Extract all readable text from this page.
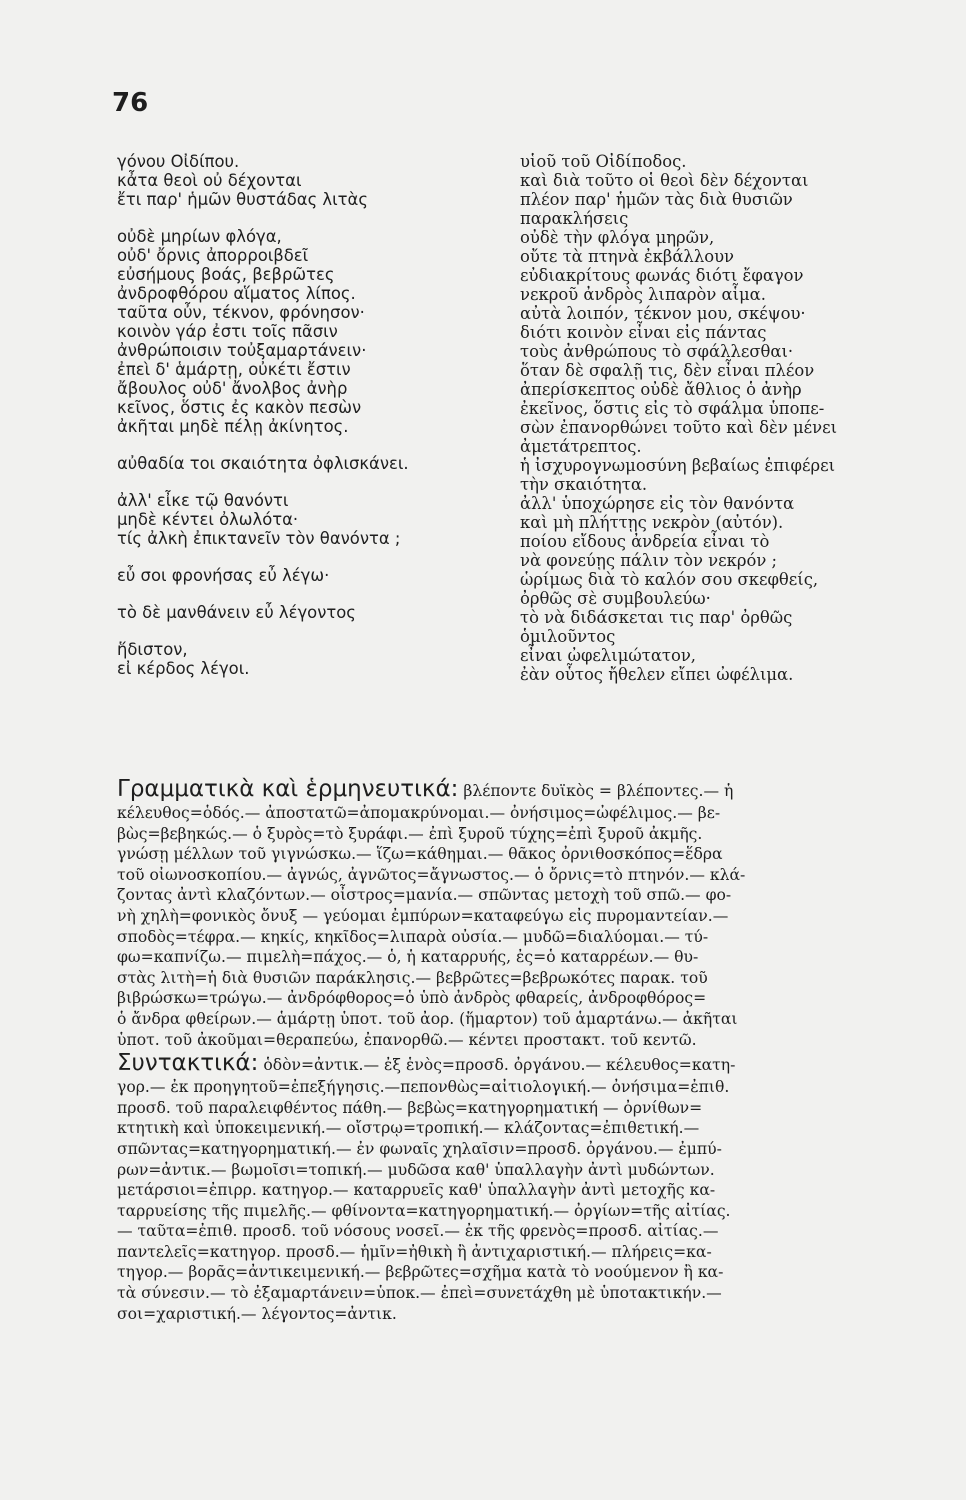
76
γόνου Οἰδίπου.
κἆτα θεοὶ οὐ δέχονται
ἔτι παρ' ἡμῶν θυστάδας λιτὰς
οὐδὲ μηρίων φλόγα,
οὐδ' ὄρνις ἀπορροιβδεῖ
εὐσήμους βοάς, βεβρῶτες
ἀνδροφθόρου αἵματος λίπος.
ταῦτα οὖν, τέκνον, φρόνησον·
κοινὸν γάρ ἐστι τοῖς πᾶσιν
ἀνθρώποισιν τοὐξαμαρτάνειν·
ἐπεὶ δ' ἁμάρτῃ, οὐκέτι ἔστιν
ἄβουλος οὐδ' ἄνολβος ἀνὴρ
κεῖνος, ὅστις ἐς κακὸν πεσὼν
ἀκῆται μηδὲ πέλῃ ἀκίνητος.
αὐθαδία τοι σκαιότητα ὀφλισκάνει.
ἀλλ' εἶκε τῷ θανόντι
μηδὲ κέντει ὀλωλότα·
τίς ἀλκὴ ἐπικτανεῖν τὸν θανόντα ;
εὖ σοι φρονήσας εὖ λέγω·
τὸ δὲ μανθάνειν εὖ λέγοντος
ἥδιστον,
εἰ κέρδος λέγοι.
υἱοῦ τοῦ Οἰδίποδος.
καὶ διὰ τοῦτο οἱ θεοὶ δὲν δέχονται
πλέον παρ' ἡμῶν τὰς διὰ θυσιῶν
παρακλήσεις
οὐδὲ τὴν φλόγα μηρῶν,
οὔτε τὰ πτηνὰ ἐκβάλλουν
εὐδιακρίτους φωνάς διότι ἔφαγον
νεκροῦ ἀνδρὸς λιπαρὸν αἷμα.
αὐτὰ λοιπόν, τέκνον μου, σκέψου·
διότι κοινὸν εἶναι εἰς πάντας
τοὺς ἀνθρώπους τὸ σφάλλεσθαι·
ὅταν δὲ σφαλῇ τις, δὲν εἶναι πλέον
ἀπερίσκεπτος οὐδὲ ἄθλιος ὁ ἀνὴρ
ἐκεῖνος, ὅστις εἰς τὸ σφάλμα ὑποπε-
σὼν ἐπανορθώνει τοῦτο καὶ δὲν μένει
ἀμετάτρεπτος.
ἡ ἰσχυρογνωμοσύνη βεβαίως ἐπιφέρει
τὴν σκαιότητα.
ἀλλ' ὑποχώρησε εἰς τὸν θανόντα
καὶ μὴ πλήττῃς νεκρὸν (αὐτόν).
ποίου εἴδους ἀνδρεία εἶναι τὸ
νὰ φονεύῃς πάλιν τὸν νεκρόν ;
ὡρίμως διὰ τὸ καλόν σου σκεφθείς,
ὀρθῶς σὲ συμβουλεύω·
τὸ νὰ διδάσκεται τις παρ' ὀρθῶς
ὁμιλοῦντος
εἶναι ὠφελιμώτατον,
ἐὰν οὗτος ἤθελεν εἴπει ὠφέλιμα.
Γραμματικὰ καὶ ἑρμηνευτικά: βλέποντε δυϊκὸς = βλέποντες.— ἡ
κέλευθος=ὁδός.— ἀποστατῶ=ἀπομακρύνομαι.— ὀνήσιμος=ὠφέλιμος.— βε-
βὼς=βεβηκώς.— ὁ ξυρὸς=τὸ ξυράφι.— ἐπὶ ξυροῦ τύχης=ἐπὶ ξυροῦ ἀκμῆς.
γνώσῃ μέλλων τοῦ γιγνώσκω.— ἵζω=κάθημαι.— θᾶκος ὀρνιθοσκόπος=ἕδρα
τοῦ οἰωνοσκοπίου.— ἀγνώς, ἀγνῶτος=ἄγνωστος.— ὁ ὄρνις=τὸ πτηνόν.— κλά-
ζοντας ἀντὶ κλαζόντων.— οἶστρος=μανία.— σπῶντας μετοχὴ τοῦ σπῶ.— φο-
νὴ χηλὴ=φονικὸς ὄνυξ — γεύομαι ἐμπύρων=καταφεύγω εἰς πυρομαντείαν.—
σποδὸς=τέφρα.— κηκίς, κηκῖδος=λιπαρὰ οὐσία.— μυδῶ=διαλύομαι.— τύ-
φω=καπνίζω.— πιμελὴ=πάχος.— ὁ, ἡ καταρρυής, ἐς=ὁ καταρρέων.— θυ-
στὰς λιτὴ=ἡ διὰ θυσιῶν παράκλησις.— βεβρῶτες=βεβρωκότες παρακ. τοῦ
βιβρώσκω=τρώγω.— ἀνδρόφθορος=ὁ ὑπὸ ἀνδρὸς φθαρείς, ἀνδροφθόρος=
ὁ ἄνδρα φθείρων.— ἁμάρτῃ ὑποτ. τοῦ ἀορ. (ἥμαρτον) τοῦ ἁμαρτάνω.— ἀκῆται
ὑποτ. τοῦ ἀκοῦμαι=θεραπεύω, ἐπανορθῶ.— κέντει προστακτ. τοῦ κεντῶ.
Συντακτικά: ὁδὸν=ἀντικ.— ἐξ ἑνὸς=προσδ. ὀργάνου.— κέλευθος=κατη-
γορ.— ἐκ προηγητοῦ=ἐπεξήγησις.—πεπονθὼς=αἰτιολογική.— ὀνήσιμα=ἐπιθ.
προσδ. τοῦ παραλειφθέντος πάθη.— βεβὼς=κατηγορηματική — ὀρνίθων=
κτητικὴ καὶ ὑποκειμενική.— οἴστρῳ=τροπική.— κλάζοντας=ἐπιθετική.—
σπῶντας=κατηγορηματική.— ἐν φωναῖς χηλαῖσιν=προσδ. ὀργάνου.— ἐμπύ-
ρων=ἀντικ.— βωμοῖσι=τοπική.— μυδῶσα καθ' ὑπαλλαγὴν ἀντὶ μυδώντων.
μετάρσιοι=ἐπιρρ. κατηγορ.— καταρρυεῖς καθ' ὑπαλλαγὴν ἀντὶ μετοχῆς κα-
ταρρυείσης τῆς πιμελῆς.— φθίνοντα=κατηγορηματική.— ὀργίων=τῆς αἰτίας.
— ταῦτα=ἐπιθ. προσδ. τοῦ νόσους νοσεῖ.— ἐκ τῆς φρενὸς=προσδ. αἰτίας.—
παντελεῖς=κατηγορ. προσδ.— ἡμῖν=ἠθικὴ ἢ ἀντιχαριστική.— πλήρεις=κα-
τηγορ.— βορᾶς=ἀντικειμενική.— βεβρῶτες=σχῆμα κατὰ τὸ νοούμενον ἢ κα-
τὰ σύνεσιν.— τὸ ἐξαμαρτάνειν=ὑποκ.— ἐπεὶ=συνετάχθη μὲ ὑποτακτικήν.—
σοι=χαριστική.— λέγοντος=ἀντικ.
